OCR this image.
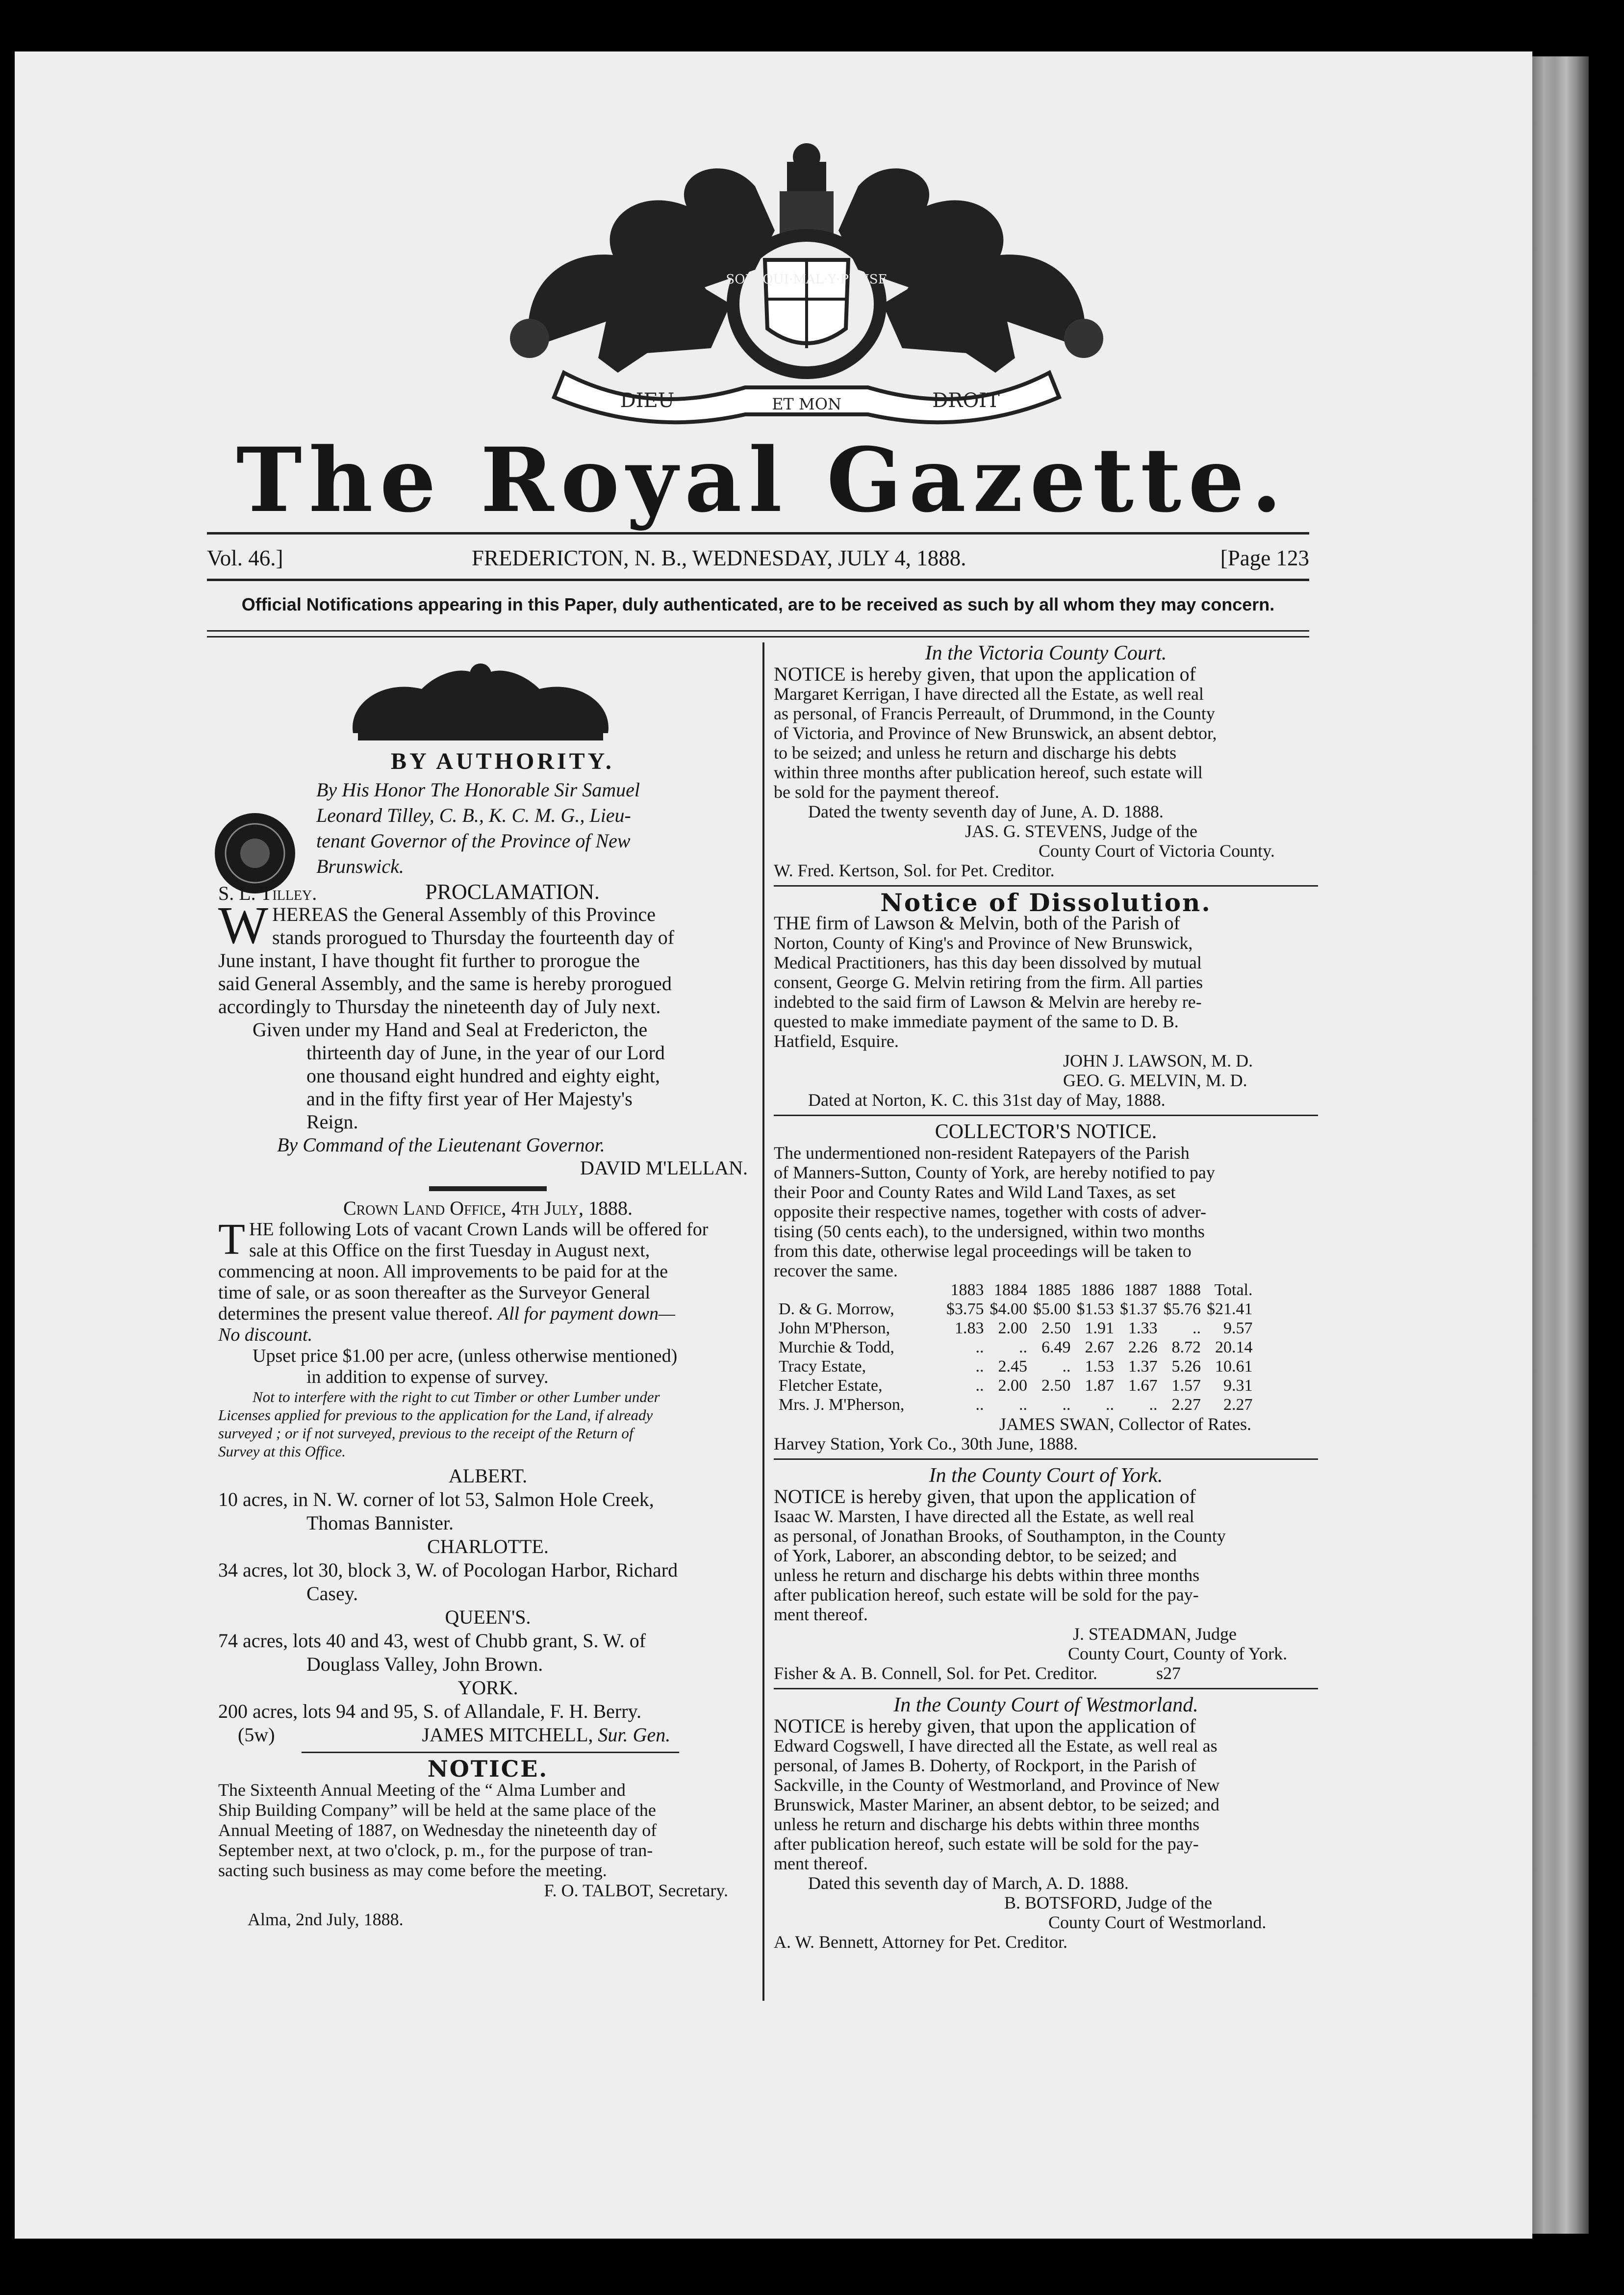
SOIT·QUI·MAL·Y·PENSE
DIEU	ET MON	DROIT
The Royal Gazette.
Vol. 46.]	FREDERICTON, N. B., WEDNESDAY, JULY 4, 1888.	[Page 123
Official Notifications appearing in this Paper, duly authenticated, are to be received as such by all whom they may concern.

BY AUTHORITY.

By His Honor The Honorable Sir Samuel

Leonard Tilley, C. B., K. C. M. G., Lieu-

tenant Governor of the Province of New

Brunswick.

S. L. Tilley.	PROCLAMATION.

W HEREAS the General Assembly of this Province

stands prorogued to Thursday the fourteenth day of

June instant, I have thought fit further to prorogue the

said General Assembly, and the same is hereby prorogued

accordingly to Thursday the nineteenth day of July next.

Given under my Hand and Seal at Fredericton, the

thirteenth day of June, in the year of our Lord

one thousand eight hundred and eighty eight,

and in the fifty first year of Her Majesty's

Reign.

By Command of the Lieutenant Governor.

DAVID M'LELLAN.

Crown Land Office, 4th July, 1888.

T HE following Lots of vacant Crown Lands will be offered for

sale at this Office on the first Tuesday in August next,

commencing at noon. All improvements to be paid for at the

time of sale, or as soon thereafter as the Surveyor General

determines the present value thereof. All for payment down—

No discount.

Upset price $1.00 per acre, (unless otherwise mentioned)

in addition to expense of survey.

Not to interfere with the right to cut Timber or other Lumber under

Licenses applied for previous to the application for the Land, if already

surveyed ; or if not surveyed, previous to the receipt of the Return of

Survey at this Office.

ALBERT.

10 acres, in N. W. corner of lot 53, Salmon Hole Creek,

Thomas Bannister.

CHARLOTTE.

34 acres, lot 30, block 3, W. of Pocologan Harbor, Richard

Casey.

QUEEN'S.

74 acres, lots 40 and 43, west of Chubb grant, S. W. of

Douglass Valley, John Brown.

YORK.

200 acres, lots 94 and 95, S. of Allandale, F. H. Berry.

(5w)	JAMES MITCHELL, Sur. Gen.

NOTICE.

The Sixteenth Annual Meeting of the “ Alma Lumber and

Ship Building Company” will be held at the same place of the

Annual Meeting of 1887, on Wednesday the nineteenth day of

September next, at two o'clock, p. m., for the purpose of tran-

sacting such business as may come before the meeting.

F. O. TALBOT, Secretary.

Alma, 2nd July, 1888.

In the Victoria County Court.

NOTICE is hereby given, that upon the application of

Margaret Kerrigan, I have directed all the Estate, as well real

as personal, of Francis Perreault, of Drummond, in the County

of Victoria, and Province of New Brunswick, an absent debtor,

to be seized; and unless he return and discharge his debts

within three months after publication hereof, such estate will

be sold for the payment thereof.

Dated the twenty seventh day of June, A. D. 1888.

JAS. G. STEVENS, Judge of the

County Court of Victoria County.

W. Fred. Kertson, Sol. for Pet. Creditor.

Notice of Dissolution.

THE firm of Lawson & Melvin, both of the Parish of

Norton, County of King's and Province of New Brunswick,

Medical Practitioners, has this day been dissolved by mutual

consent, George G. Melvin retiring from the firm. All parties

indebted to the said firm of Lawson & Melvin are hereby re-

quested to make immediate payment of the same to D. B.

Hatfield, Esquire.

JOHN J. LAWSON, M. D.

GEO. G. MELVIN, M. D.

Dated at Norton, K. C. this 31st day of May, 1888.

COLLECTOR'S NOTICE.

The undermentioned non-resident Ratepayers of the Parish

of Manners-Sutton, County of York, are hereby notified to pay

their Poor and County Rates and Wild Land Taxes, as set

opposite their respective names, together with costs of adver-

tising (50 cents each), to the undersigned, within two months

from this date, otherwise legal proceedings will be taken to

recover the same.

	1883	1884	1885	1886	1887	1888	Total.
D. & G. Morrow,	$3.75	$4.00	$5.00	$1.53	$1.37	$5.76	$21.41
John M'Pherson,	1.83	2.00	2.50	1.91	1.33	..	9.57
Murchie & Todd,	..	..	6.49	2.67	2.26	8.72	20.14
Tracy Estate,	..	2.45	..	1.53	1.37	5.26	10.61
Fletcher Estate,	..	2.00	2.50	1.87	1.67	1.57	9.31
Mrs. J. M'Pherson,	..	..	..	..	..	2.27	2.27

JAMES SWAN, Collector of Rates.

Harvey Station, York Co., 30th June, 1888.

In the County Court of York.

NOTICE is hereby given, that upon the application of

Isaac W. Marsten, I have directed all the Estate, as well real

as personal, of Jonathan Brooks, of Southampton, in the County

of York, Laborer, an absconding debtor, to be seized; and

unless he return and discharge his debts within three months

after publication hereof, such estate will be sold for the pay-

ment thereof.

J. STEADMAN, Judge

County Court, County of York.

Fisher & A. B. Connell, Sol. for Pet. Creditor.	s27

In the County Court of Westmorland.

NOTICE is hereby given, that upon the application of

Edward Cogswell, I have directed all the Estate, as well real as

personal, of James B. Doherty, of Rockport, in the Parish of

Sackville, in the County of Westmorland, and Province of New

Brunswick, Master Mariner, an absent debtor, to be seized; and

unless he return and discharge his debts within three months

after publication hereof, such estate will be sold for the pay-

ment thereof.

Dated this seventh day of March, A. D. 1888.

B. BOTSFORD, Judge of the

County Court of Westmorland.

A. W. Bennett, Attorney for Pet. Creditor.
